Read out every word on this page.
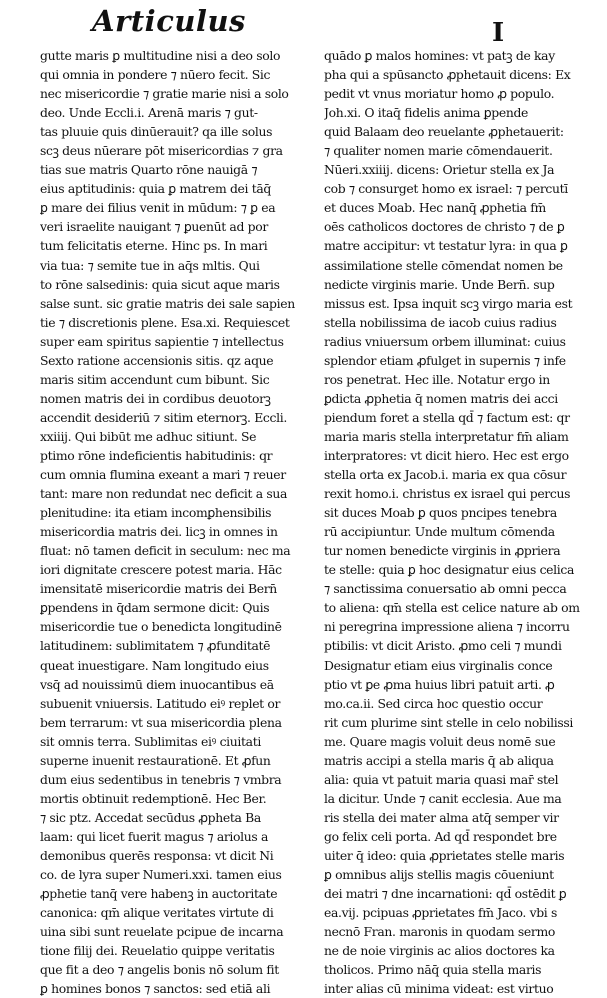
Articulus	I
gutte maris ꝑ multitudine nisi a deo solo
qui omnia in pondere ⁊ nūero fecit. Sic
nec misericordie ⁊ gratie marie nisi a solo
deo. Unde Eccli.i. Arenā maris ⁊ gut-
tas pluuie quis dinūerauit? qa ille solus
scꝫ deus nūerare pōt misericordias ⁊ gra
tias sue matris Quarto rōne nauigā ⁊
eius aptitudinis: quia ꝑ matrem dei tāq̄
ꝑ mare dei filius venit in mūdum: ⁊ ꝑ ea
veri israelite nauigant ⁊ ꝑuenūt ad por
tum felicitatis eterne. Hinc ps. In mari
via tua: ⁊ semite tue in aq̄s mltis. Qui
to rōne salsedinis: quia sicut aque maris
salse sunt. sic gratie matris dei sale sapien
tie ⁊ discretionis plene. Esa.xi. Requiescet
super eam spiritus sapientie ⁊ intellectus
Sexto ratione accensionis sitis. qz aque
maris sitim accendunt cum bibunt. Sic
nomen matris dei in cordibus deuotorꝫ
accendit desideriū ⁊ sitim eternorꝫ. Eccli.
xxiiij. Qui bibūt me adhuc sitiunt. Se
ptimo rōne indeficientis habitudinis: qr
cum omnia flumina exeant a mari ⁊ reuer
tant: mare non redundat nec deficit a sua
plenitudine: ita etiam incomꝑhensibilis
misericordia matris dei. licꝫ in omnes in
fluat: nō tamen deficit in seculum: nec ma
iori dignitate crescere potest maria. Hāc
imensitatē misericordie matris dei Bern̄
ꝑpendens in q̄dam sermone dicit: Quis
misericordie tue o benedicta longitudinē
latitudinem: sublimitatem ⁊ ꝓfunditatē
queat inuestigare. Nam longitudo eius
vsq̄ ad nouissimū diem inuocantibus eā
subuenit vniuersis. Latitudo eiꝰ replet or
bem terrarum: vt sua misericordia plena
sit omnis terra. Sublimitas eiꝰ ciuitati
superne inuenit restaurationē. Et ꝓfun
dum eius sedentibus in tenebris ⁊ vmbra
mortis obtinuit redemptionē. Hec Ber.
⁊ sic ptz. Accedat secūdus ꝓpheta Ba
laam: qui licet fuerit magus ⁊ ariolus a
demonibus querēs responsa: vt dicit Ni
co. de lyra super Numeri.xxi. tamen eius
ꝓphetie tanq̄ vere habenꝫ in auctoritate
canonica: qm̄ alique veritates virtute di
uina sibi sunt reuelate pcipue de incarna
tione filij dei. Reuelatio quippe veritatis
que fit a deo ⁊ angelis bonis nō solum fit
ꝑ homines bonos ⁊ sanctos: sed etiā ali
quādo ꝑ malos homines: vt patꝫ de kay
pha qui a spūsancto ꝓphetauit dicens: Ex
pedit vt vnus moriatur homo ꝓ populo.
Joh.xi. O itaq̄ fidelis anima ꝑpende
quid Balaam deo reuelante ꝓphetauerit:
⁊ qualiter nomen marie cōmendauerit.
Nūeri.xxiiij. dicens: Orietur stella ex Ja
cob ⁊ consurget homo ex israel: ⁊ percutī
et duces Moab. Hec nanq̄ ꝓphetia fm̄
oēs catholicos doctores de christo ⁊ de ꝑ
matre accipitur: vt testatur lyra: in qua ꝑ
assimilatione stelle cōmendat nomen be
nedicte virginis marie. Unde Bern̄. sup
missus est. Ipsa inquit scꝫ virgo maria est
stella nobilissima de iacob cuius radius
radius vniuersum orbem illuminat: cuius
splendor etiam ꝓfulget in supernis ⁊ infe
ros penetrat. Hec ille. Notatur ergo in
ꝑdicta ꝓphetia q̄ nomen matris dei acci
piendum foret a stella qd̄ ⁊ factum est: qr
maria maris stella interpretatur fm̄ aliam
interpratores: vt dicit hiero. Hec est ergo
stella orta ex Jacob.i. maria ex qua cōsur
rexit homo.i. christus ex israel qui percus
sit duces Moab ꝑ quos pncipes tenebra
rū accipiuntur. Unde multum cōmenda
tur nomen benedicte virginis in ꝓpriera
te stelle: quia ꝑ hoc designatur eius celica
⁊ sanctissima conuersatio ab omni pecca
to aliena: qm̄ stella est celice nature ab om
ni peregrina impressione aliena ⁊ incorru
ptibilis: vt dicit Aristo. ꝓmo celi ⁊ mundi
Designatur etiam eius virginalis conce
ptio vt ꝑe ꝓma huius libri patuit arti. ꝓ
mo.ca.ii. Sed circa hoc questio occur
rit cum plurime sint stelle in celo nobilissi
me. Quare magis voluit deus nomē sue
matris accipi a stella maris q̄ ab aliqua
alia: quia vt patuit maria quasi mar̄ stel
la dicitur. Unde ⁊ canit ecclesia. Aue ma
ris stella dei mater alma atq̄ semper vir
go felix celi porta. Ad qd̄ respondet bre
uiter q̄ ideo: quia ꝓprietates stelle maris
ꝑ omnibus alijs stellis magis cōueniunt
dei matri ⁊ dne incarnationi: qd̄ ostēdit ꝑ
ea.vij. pcipuas ꝓprietates fm̄ Jaco. vbi s
necnō Fran. maronis in quodam sermo
ne de noie virginis ac alios doctores ka
tholicos. Primo nāq̄ quia stella maris
inter alias cū minima videat: est virtuo
